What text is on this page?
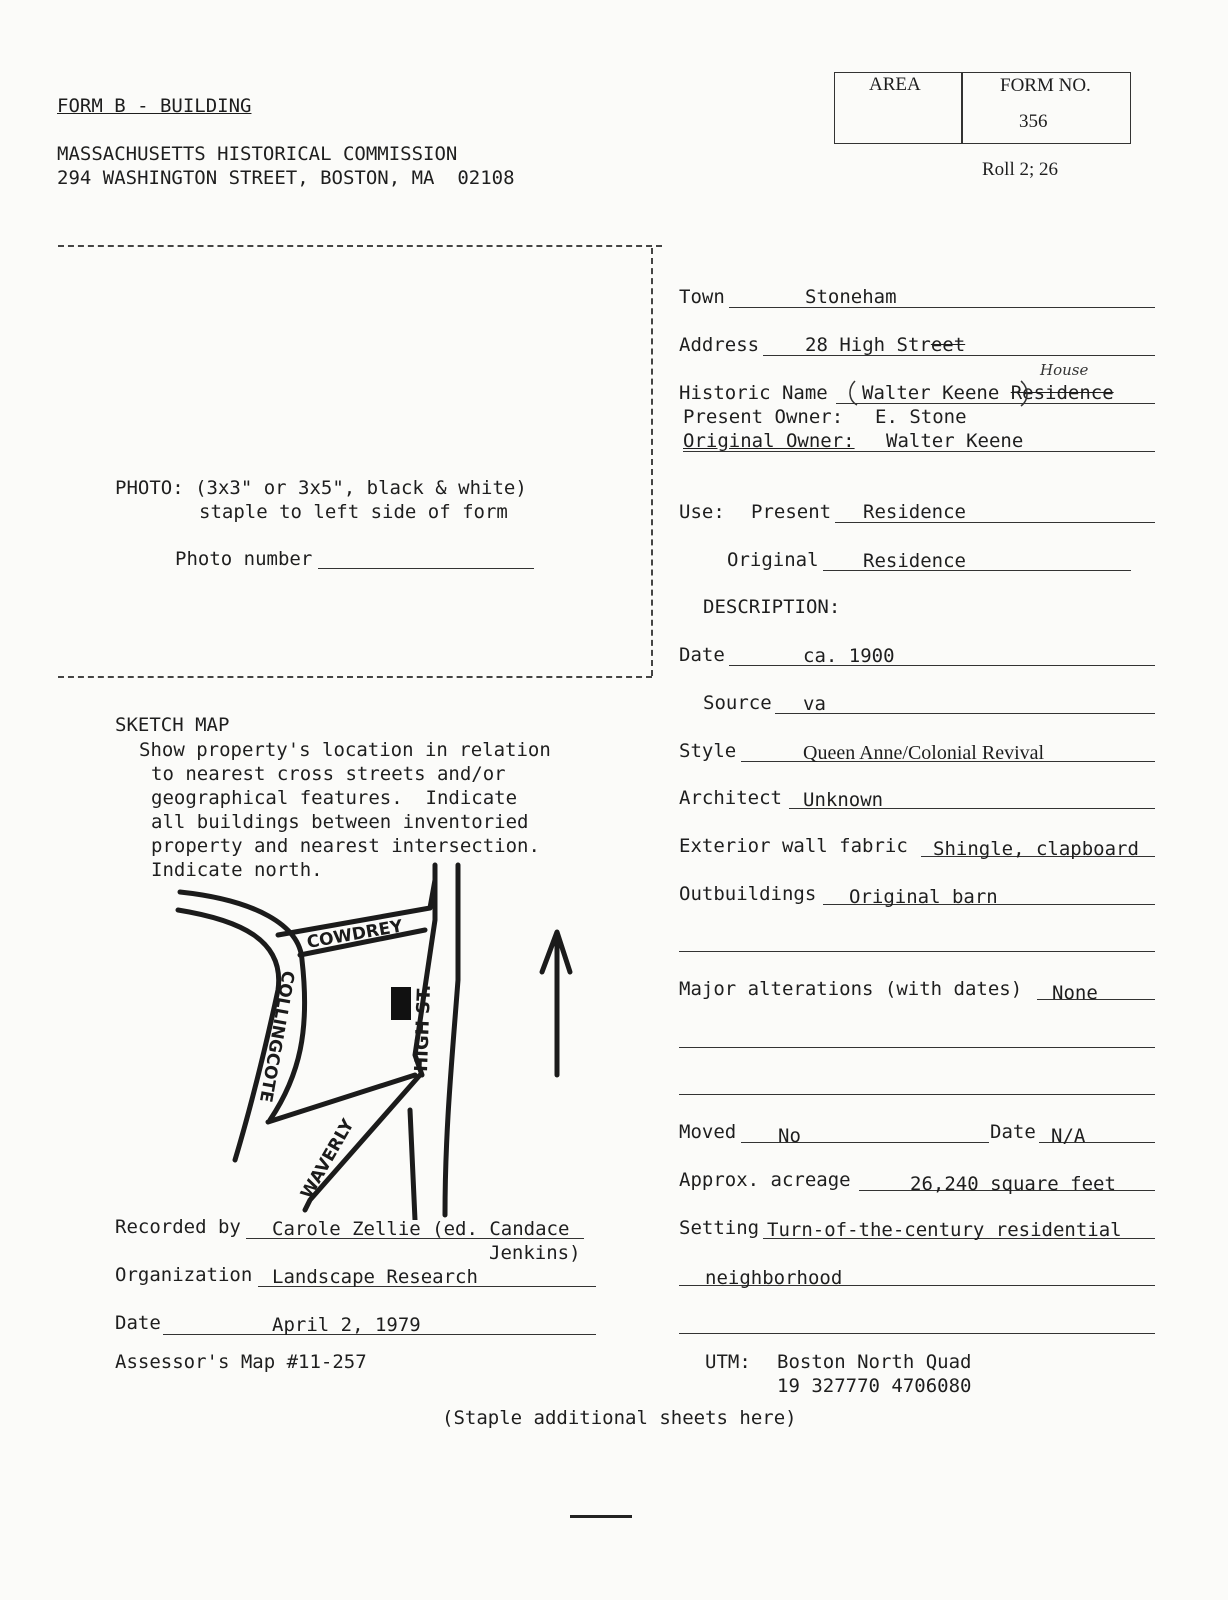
FORM B - BUILDING
MASSACHUSETTS HISTORICAL COMMISSION
294 WASHINGTON STREET, BOSTON, MA  02108
AREA	FORM NO.
356
Roll 2; 26
PHOTO: (3x3" or 3x5", black & white)
staple to left side of form
Photo number
SKETCH MAP
Show property's location in relation
to nearest cross streets and/or
geographical features.  Indicate
all buildings between inventoried
property and nearest intersection.
Indicate north.
COWDREY
COLLINGCOTE	HIGH ST.
WAVERLY
Recorded by Carole Zellie (ed. Candace
Jenkins)
Organization Landscape Research
Date	April 2, 1979
Assessor's Map #11-257
Town	Stoneham
Address 28 High Street
Historic Name Walter Keene Residence
House
Present Owner: E. Stone
Original Owner: Walter Keene
Use: Present Residence
Original Residence
DESCRIPTION:
Date	ca. 1900
Source va
Style	Queen Anne/Colonial Revival
Architect Unknown
Exterior wall fabric Shingle, clapboard
Outbuildings Original barn
Major alterations (with dates) None
Moved No	Date N/A
Approx. acreage	26,240 square feet
Setting Turn-of-the-century residential
neighborhood
UTM: Boston North Quad
19 327770 4706080
(Staple additional sheets here)
